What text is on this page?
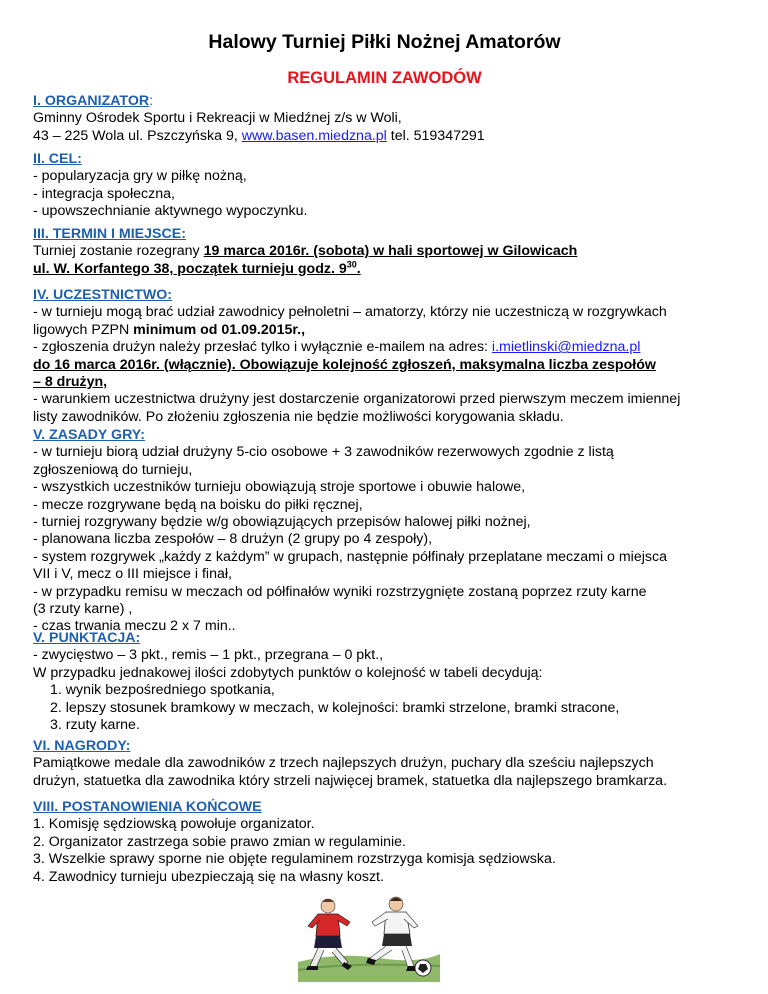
Halowy Turniej Piłki Nożnej Amatorów
REGULAMIN ZAWODÓW
I. ORGANIZATOR:
Gminny Ośrodek Sportu i Rekreacji w Miedźnej z/s w Woli,
43 – 225 Wola ul. Pszczyńska 9, www.basen.miedzna.pl tel. 519347291
II. CEL:
- popularyzacja gry w piłkę nożną,
- integracja społeczna,
- upowszechnianie aktywnego wypoczynku.
III. TERMIN I MIEJSCE:
Turniej zostanie rozegrany 19 marca 2016r. (sobota) w hali sportowej w Gilowicach
ul. W. Korfantego 38, początek turnieju godz. $9^{30}$.
IV. UCZESTNICTWO:
- w turnieju mogą brać udział zawodnicy pełnoletni – amatorzy, którzy nie uczestniczą w rozgrywkach
ligowych PZPN minimum od 01.09.2015r.,
- zgłoszenia drużyn należy przesłać tylko i wyłącznie e-mailem na adres: i.mietlinski@miedzna.pl
do 16 marca 2016r. (włącznie). Obowiązuje kolejność zgłoszeń, maksymalna liczba zespołów
– 8 drużyn,
- warunkiem uczestnictwa drużyny jest dostarczenie organizatorowi przed pierwszym meczem imiennej
listy zawodników. Po złożeniu zgłoszenia nie będzie możliwości korygowania składu.
V. ZASADY GRY:
- w turnieju biorą udział drużyny 5-cio osobowe + 3 zawodników rezerwowych zgodnie z listą
zgłoszeniową do turnieju,
- wszystkich uczestników turnieju obowiązują stroje sportowe i obuwie halowe,
- mecze rozgrywane będą na boisku do piłki ręcznej,
- turniej rozgrywany będzie w/g obowiązujących przepisów halowej piłki nożnej,
- planowana liczba zespołów – 8 drużyn (2 grupy po 4 zespoły),
- system rozgrywek „każdy z każdym” w grupach, następnie półfinały przeplatane meczami o miejsca
VII i V, mecz o III miejsce i finał,
- w przypadku remisu w meczach od półfinałów wyniki rozstrzygnięte zostaną poprzez rzuty karne
(3 rzuty karne) ,
- czas trwania meczu 2 x 7 min..
V. PUNKTACJA:
- zwycięstwo – 3 pkt., remis – 1 pkt., przegrana – 0 pkt.,
W przypadku jednakowej ilości zdobytych punktów o kolejność w tabeli decydują:
1. wynik bezpośredniego spotkania,
2. lepszy stosunek bramkowy w meczach, w kolejności: bramki strzelone, bramki stracone,
3. rzuty karne.
VI. NAGRODY:
Pamiątkowe medale dla zawodników z trzech najlepszych drużyn, puchary dla sześciu najlepszych
drużyn, statuetka dla zawodnika który strzeli najwięcej bramek, statuetka dla najlepszego bramkarza.
VIII. POSTANOWIENIA KOŃCOWE
1. Komisję sędziowską powołuje organizator.
2. Organizator zastrzega sobie prawo zmian w regulaminie.
3. Wszelkie sprawy sporne nie objęte regulaminem rozstrzyga komisja sędziowska.
4. Zawodnicy turnieju ubezpieczają się na własny koszt.
